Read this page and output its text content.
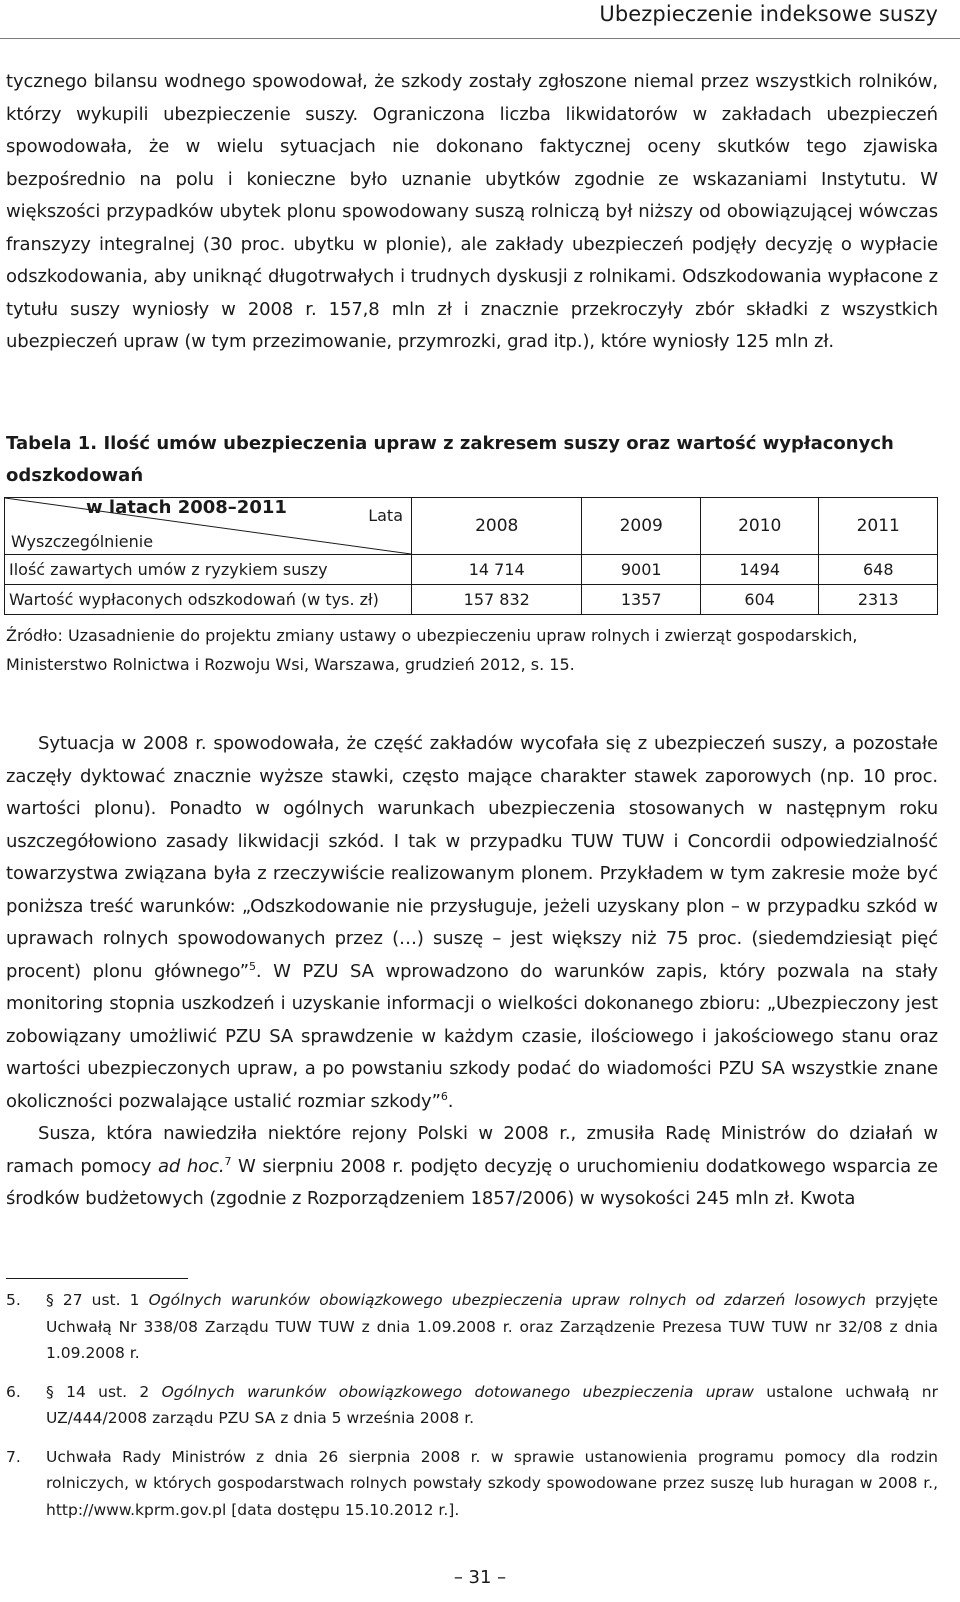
Ubezpieczenie indeksowe suszy

tycznego bilansu wodnego spowodował, że szkody zostały zgłoszone niemal przez wszystkich rolników, którzy wykupili ubezpieczenie suszy. Ograniczona liczba likwidatorów w zakładach ubezpieczeń spowodowała, że w wielu sytuacjach nie dokonano faktycznej oceny skutków tego zjawiska bezpośrednio na polu i konieczne było uznanie ubytków zgodnie ze wskazaniami Instytutu. W większości przypadków ubytek plonu spowodowany suszą rolniczą był niższy od obowiązującej wówczas franszyzy integralnej (30 proc. ubytku w plonie), ale zakłady ubezpieczeń podjęły decyzję o wypłacie odszkodowania, aby uniknąć długotrwałych i trudnych dyskusji z rolnikami. Odszkodowania wypłacone z tytułu suszy wyniosły w 2008 r. 157,8 mln zł i znacznie przekroczyły zbór składki z wszystkich ubezpieczeń upraw (w tym przezimowanie, przymrozki, grad itp.), które wyniosły 125 mln zł.

Tabela 1. Ilość umów ubezpieczenia upraw z zakresem suszy oraz wartość wypłaconych odszkodowań
w latach 2008–2011	Lata
Wyszczególnienie	2008	2009	2010	2011
Ilość zawartych umów z ryzykiem suszy	14 714	9001	1494	648
Wartość wypłaconych odszkodowań (w tys. zł)	157 832	1357	604	2313

Źródło: Uzasadnienie do projektu zmiany ustawy o ubezpieczeniu upraw rolnych i zwierząt gospodarskich, Ministerstwo Rolnictwa i Rozwoju Wsi, Warszawa, grudzień 2012, s. 15.

Sytuacja w 2008 r. spowodowała, że część zakładów wycofała się z ubezpieczeń suszy, a pozostałe zaczęły dyktować znacznie wyższe stawki, często mające charakter stawek zaporowych (np. 10 proc. wartości plonu). Ponadto w ogólnych warunkach ubezpieczenia stosowanych w następnym roku uszczegółowiono zasady likwidacji szkód. I tak w przypadku TUW TUW i Concordii odpowiedzialność towarzystwa związana była z rzeczywiście realizowanym plonem. Przykładem w tym zakresie może być poniższa treść warunków: „Odszkodowanie nie przysługuje, jeżeli uzyskany plon – w przypadku szkód w uprawach rolnych spowodowanych przez (…) suszę – jest większy niż 75 proc. (siedemdziesiąt pięć procent) plonu głównego”$^5$. W PZU SA wprowadzono do warunków zapis, który pozwala na stały monitoring stopnia uszkodzeń i uzyskanie informacji o wielkości dokonanego zbioru: „Ubezpieczony jest zobowiązany umożliwić PZU SA sprawdzenie w każdym czasie, ilościowego i jakościowego stanu oraz wartości ubezpieczonych upraw, a po powstaniu szkody podać do wiadomości PZU SA wszystkie znane okoliczności pozwalające ustalić rozmiar szkody”$^6$.

Susza, która nawiedziła niektóre rejony Polski w 2008 r., zmusiła Radę Ministrów do działań w ramach pomocy ad hoc.$^7$ W sierpniu 2008 r. podjęto decyzję o uruchomieniu dodatkowego wsparcia ze środków budżetowych (zgodnie z Rozporządzeniem 1857/2006) w wysokości 245 mln zł. Kwota

5. § 27 ust. 1 Ogólnych warunków obowiązkowego ubezpieczenia upraw rolnych od zdarzeń losowych przyjęte Uchwałą Nr 338/08 Zarządu TUW TUW z dnia 1.09.2008 r. oraz Zarządzenie Prezesa TUW TUW nr 32/08 z dnia 1.09.2008 r.

6. § 14 ust. 2 Ogólnych warunków obowiązkowego dotowanego ubezpieczenia upraw ustalone uchwałą nr UZ/444/2008 zarządu PZU SA z dnia 5 września 2008 r.

7. Uchwała Rady Ministrów z dnia 26 sierpnia 2008 r. w sprawie ustanowienia programu pomocy dla rodzin rolniczych, w których gospodarstwach rolnych powstały szkody spowodowane przez suszę lub huragan w 2008 r., http://www.kprm.gov.pl [data dostępu 15.10.2012 r.].

– 31 –
